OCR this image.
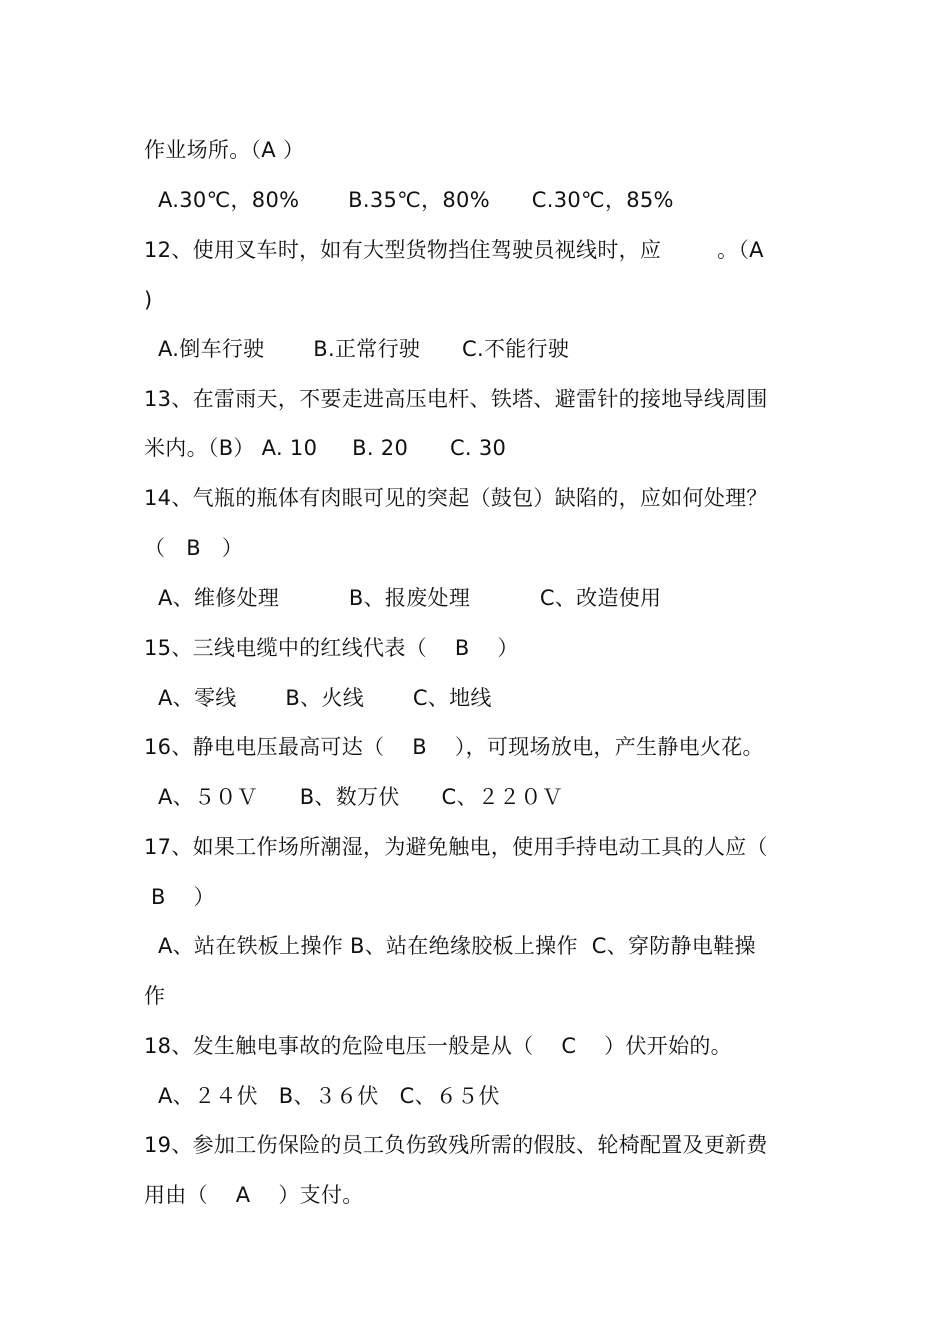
作业场所。（A ）
A.30℃，80%       B.35℃，80%      C.30℃，85%
12、使用叉车时，如有大型货物挡住驾驶员视线时，应        。（A
)
A.倒车行驶       B.正常行驶      C.不能行驶
13、在雷雨天，不要走进高压电杆、铁塔、避雷针的接地导线周围
米内。（B） A. 10     B. 20      C. 30
14、气瓶的瓶体有肉眼可见的突起（鼓包）缺陷的，应如何处理？
（   B   ）
A、维修处理          B、报废处理          C、改造使用
15、三线电缆中的红线代表（    B    ）
A、零线       B、火线       C、地线
16、静电电压最高可达（    B    ），可现场放电，产生静电火花。
A、５０Ｖ      B、数万伏      C、２２０Ｖ
17、如果工作场所潮湿，为避免触电，使用手持电动工具的人应（
B    ）
A、站在铁板上操作 B、站在绝缘胶板上操作  C、穿防静电鞋操
作
18、发生触电事故的危险电压一般是从（    C    ）伏开始的。
A、２４伏   B、３６伏   C、６５伏
19、参加工伤保险的员工负伤致残所需的假肢、轮椅配置及更新费
用由（    A    ）支付。
